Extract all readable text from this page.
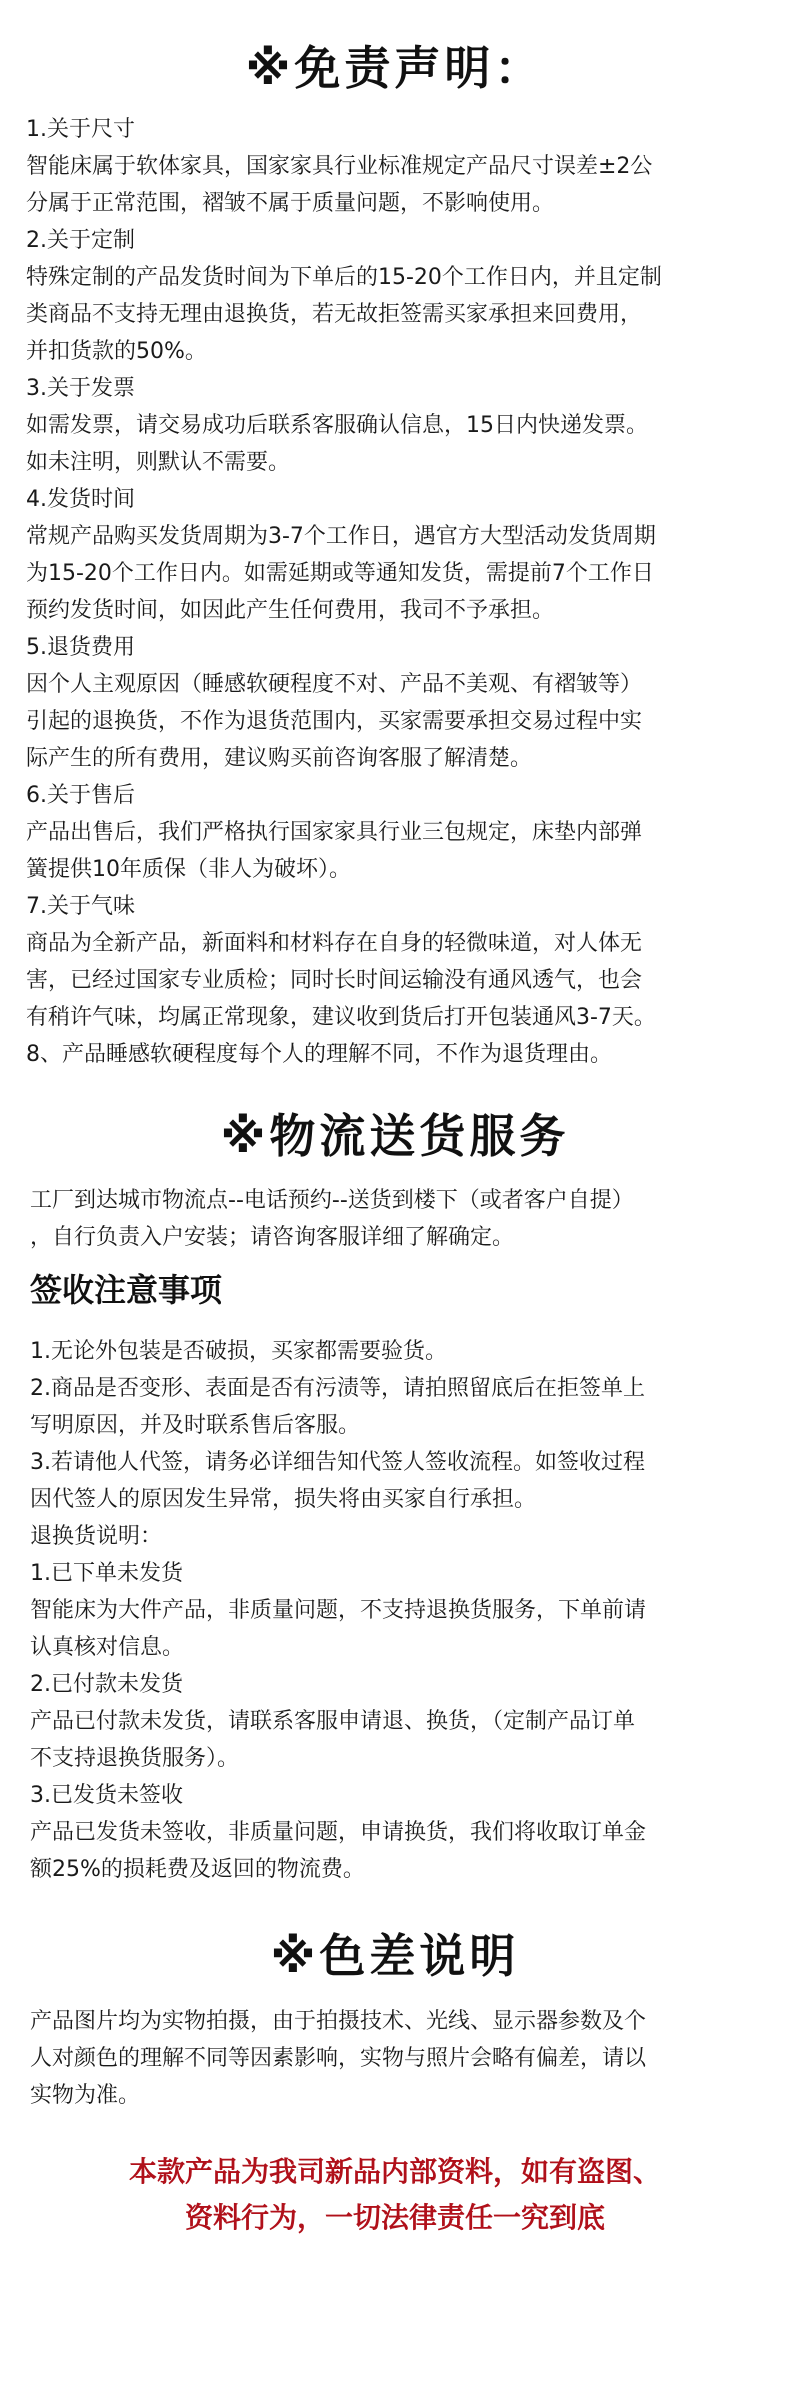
※免责声明：

1.关于尺寸

智能床属于软体家具，国家家具行业标准规定产品尺寸误差±2公

分属于正常范围，褶皱不属于质量问题，不影响使用。

2.关于定制

特殊定制的产品发货时间为下单后的15-20个工作日内，并且定制

类商品不支持无理由退换货，若无故拒签需买家承担来回费用，

并扣货款的50%。

3.关于发票

如需发票，请交易成功后联系客服确认信息，15日内快递发票。

如未注明，则默认不需要。

4.发货时间

常规产品购买发货周期为3-7个工作日，遇官方大型活动发货周期

为15-20个工作日内。如需延期或等通知发货，需提前7个工作日

预约发货时间，如因此产生任何费用，我司不予承担。

5.退货费用

因个人主观原因（睡感软硬程度不对、产品不美观、有褶皱等）

引起的退换货，不作为退货范围内，买家需要承担交易过程中实

际产生的所有费用，建议购买前咨询客服了解清楚。

6.关于售后

产品出售后，我们严格执行国家家具行业三包规定，床垫内部弹

簧提供10年质保（非人为破坏）。

7.关于气味

商品为全新产品，新面料和材料存在自身的轻微味道，对人体无

害，已经过国家专业质检；同时长时间运输没有通风透气，也会

有稍许气味，均属正常现象，建议收到货后打开包装通风3-7天。

8、产品睡感软硬程度每个人的理解不同，不作为退货理由。

※物流送货服务

工厂到达城市物流点--电话预约--送货到楼下（或者客户自提）

，自行负责入户安装；请咨询客服详细了解确定。

签收注意事项

1.无论外包装是否破损，买家都需要验货。

2.商品是否变形、表面是否有污渍等，请拍照留底后在拒签单上

写明原因，并及时联系售后客服。

3.若请他人代签，请务必详细告知代签人签收流程。如签收过程

因代签人的原因发生异常，损失将由买家自行承担。

退换货说明：

1.已下单未发货

智能床为大件产品，非质量问题，不支持退换货服务，下单前请

认真核对信息。

2.已付款未发货

产品已付款未发货，请联系客服申请退、换货，（定制产品订单

不支持退换货服务）。

3.已发货未签收

产品已发货未签收，非质量问题，申请换货，我们将收取订单金

额25%的损耗费及返回的物流费。

※色差说明

产品图片均为实物拍摄，由于拍摄技术、光线、显示器参数及个

人对颜色的理解不同等因素影响，实物与照片会略有偏差，请以

实物为准。

本款产品为我司新品内部资料，如有盗图、

资料行为，一切法律责任一究到底
